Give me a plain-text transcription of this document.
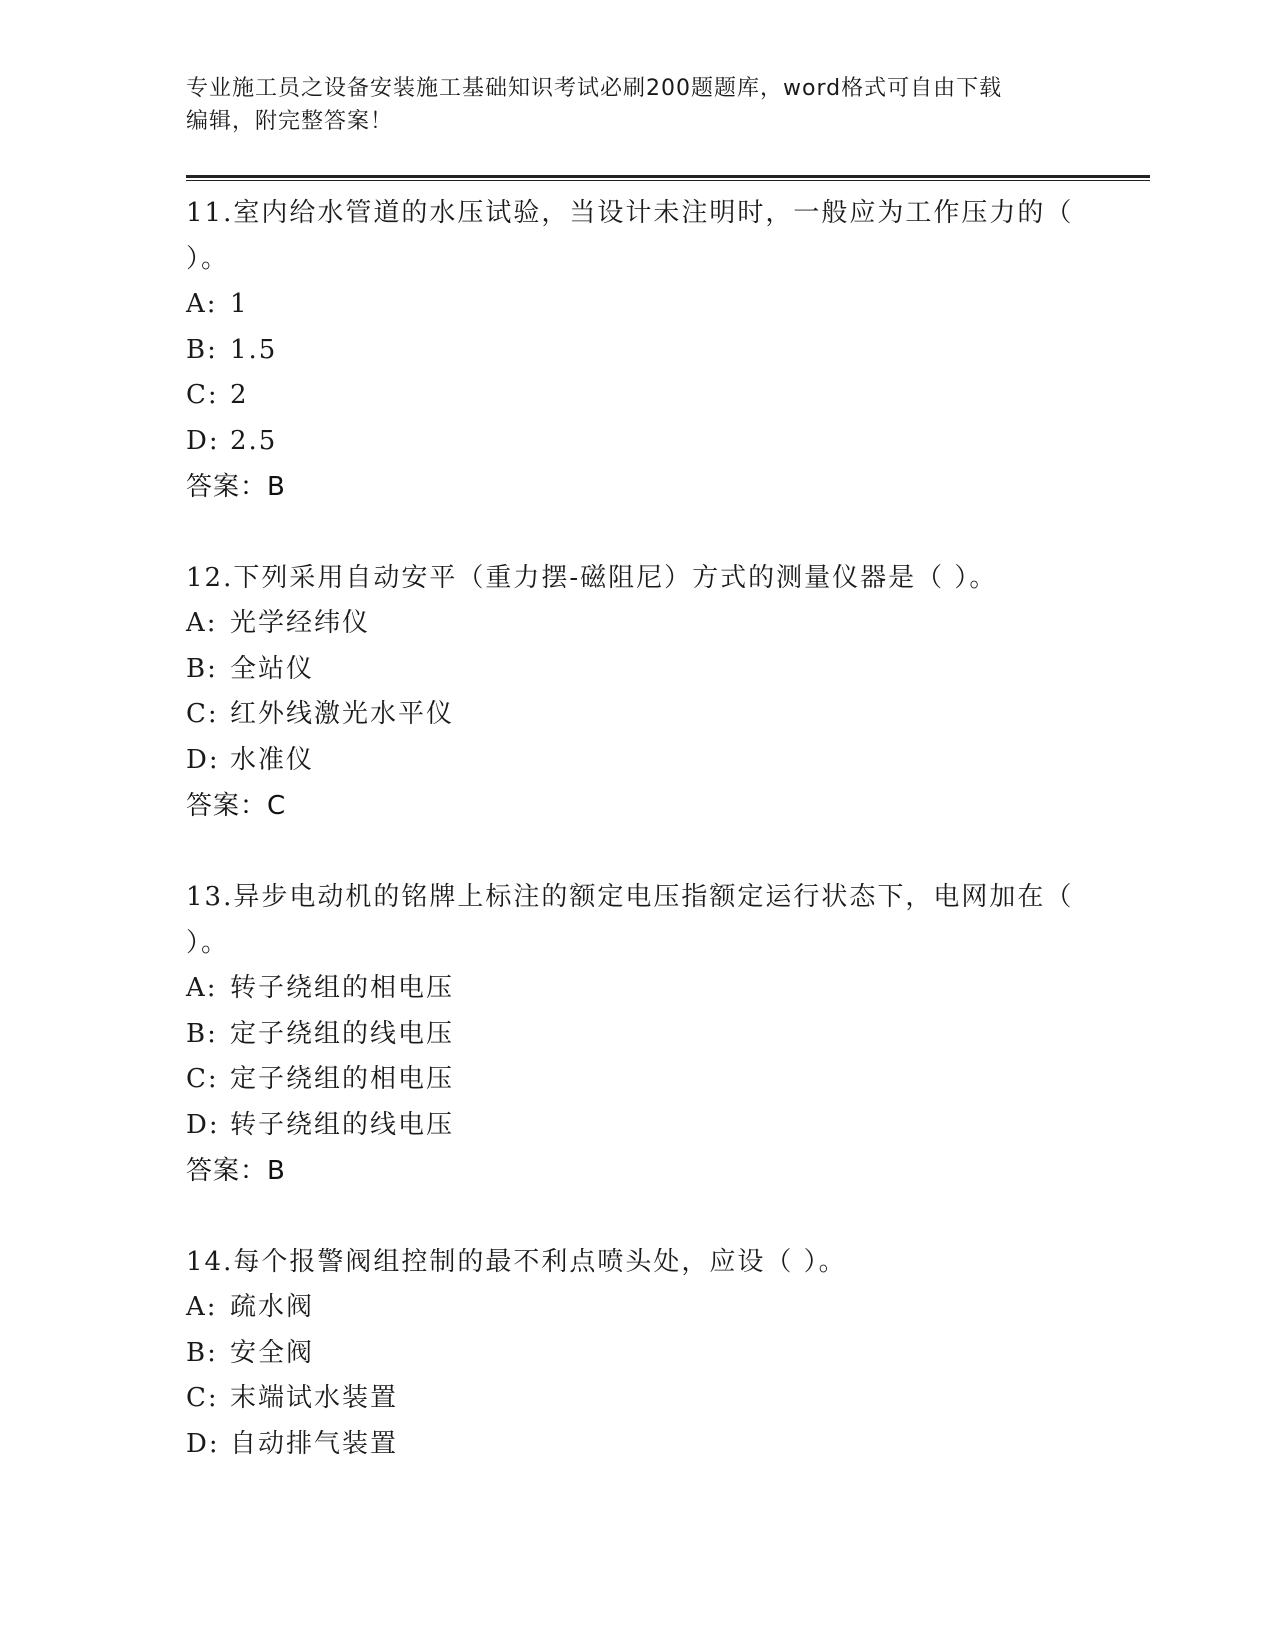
专业施工员之设备安装施工基础知识考试必刷200题题库，word格式可自由下载
编辑，附完整答案！
11.室内给水管道的水压试验，当设计未注明时，一般应为工作压力的（ ）。
A: 1
B: 1.5
C: 2
D: 2.5
答案：B
12.下列采用自动安平（重力摆-磁阻尼）方式的测量仪器是（ ）。
A: 光学经纬仪
B: 全站仪
C: 红外线激光水平仪
D: 水准仪
答案：C
13.异步电动机的铭牌上标注的额定电压指额定运行状态下，电网加在（ ）。
A: 转子绕组的相电压
B: 定子绕组的线电压
C: 定子绕组的相电压
D: 转子绕组的线电压
答案：B
14.每个报警阀组控制的最不利点喷头处，应设（ ）。
A: 疏水阀
B: 安全阀
C: 末端试水装置
D: 自动排气装置
